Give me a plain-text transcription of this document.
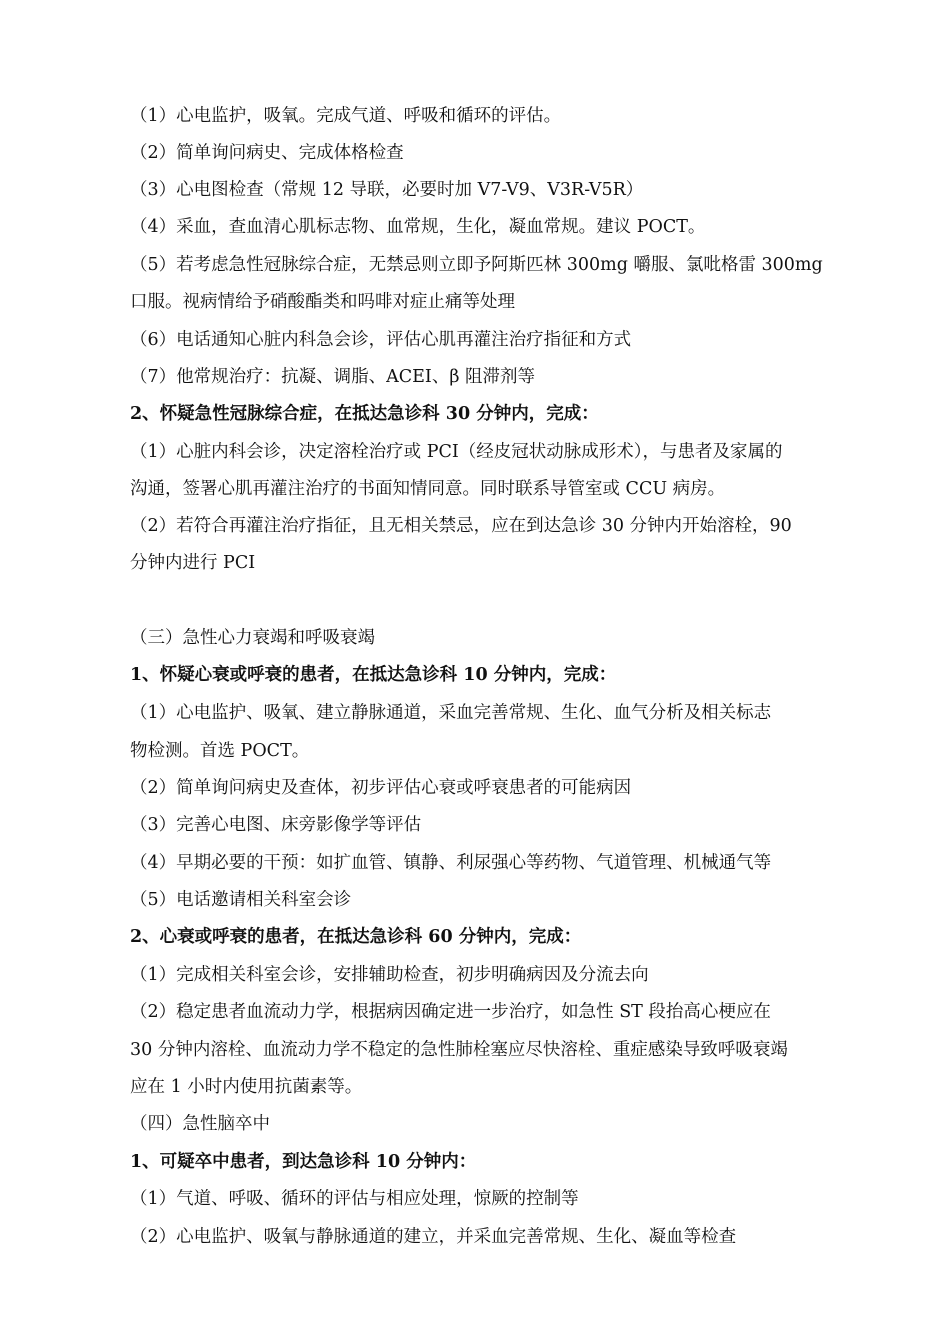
（1）心电监护，吸氧。完成气道、呼吸和循环的评估。
（2）简单询问病史、完成体格检查
（3）心电图检查（常规 12 导联，必要时加 V7-V9、V3R-V5R）
（4）采血，查血清心肌标志物、血常规，生化，凝血常规。建议 POCT。
（5）若考虑急性冠脉综合症，无禁忌则立即予阿斯匹林 300mg 嚼服、氯吡格雷 300mg
口服。视病情给予硝酸酯类和吗啡对症止痛等处理
（6）电话通知心脏内科急会诊，评估心肌再灌注治疗指征和方式
（7）他常规治疗：抗凝、调脂、ACEI、β 阻滞剂等
2、怀疑急性冠脉综合症，在抵达急诊科 30 分钟内，完成：
（1）心脏内科会诊，决定溶栓治疗或 PCI（经皮冠状动脉成形术），与患者及家属的
沟通，签署心肌再灌注治疗的书面知情同意。同时联系导管室或 CCU 病房。
（2）若符合再灌注治疗指征，且无相关禁忌，应在到达急诊 30 分钟内开始溶栓，90
分钟内进行 PCI
（三）急性心力衰竭和呼吸衰竭
1、怀疑心衰或呼衰的患者，在抵达急诊科 10 分钟内，完成：
（1）心电监护、吸氧、建立静脉通道，采血完善常规、生化、血气分析及相关标志
物检测。首选 POCT。
（2）简单询问病史及查体，初步评估心衰或呼衰患者的可能病因
（3）完善心电图、床旁影像学等评估
（4）早期必要的干预：如扩血管、镇静、利尿强心等药物、气道管理、机械通气等
（5）电话邀请相关科室会诊
2、心衰或呼衰的患者，在抵达急诊科 60 分钟内，完成：
（1）完成相关科室会诊，安排辅助检查，初步明确病因及分流去向
（2）稳定患者血流动力学，根据病因确定进一步治疗，如急性 ST 段抬高心梗应在
30 分钟内溶栓、血流动力学不稳定的急性肺栓塞应尽快溶栓、重症感染导致呼吸衰竭
应在 1 小时内使用抗菌素等。
（四）急性脑卒中
1、可疑卒中患者，到达急诊科 10 分钟内：
（1）气道、呼吸、循环的评估与相应处理，惊厥的控制等
（2）心电监护、吸氧与静脉通道的建立，并采血完善常规、生化、凝血等检查
